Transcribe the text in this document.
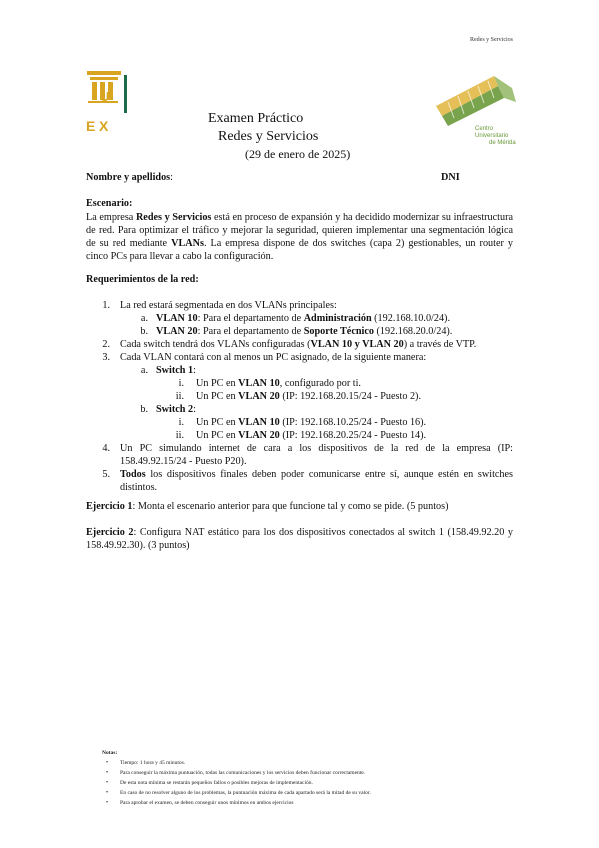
Redes y Servicios
U
E X	Centro
Universitario
de Mérida
Examen Práctico
Redes y Servicios
(29 de enero de 2025)
Nombre y apellidos:	DNI
Escenario:
La empresa Redes y Servicios está en proceso de expansión y ha decidido modernizar su infraestructura de red. Para optimizar el tráfico y mejorar la seguridad, quieren implementar una segmentación lógica de su red mediante VLANs. La empresa dispone de dos switches (capa 2) gestionables, un router y cinco PCs para llevar a cabo la configuración.
Requerimientos de la red:
1. La red estará segmentada en dos VLANs principales:
a. VLAN 10: Para el departamento de Administración (192.168.10.0/24).
b. VLAN 20: Para el departamento de Soporte Técnico (192.168.20.0/24).
2. Cada switch tendrá dos VLANs configuradas (VLAN 10 y VLAN 20) a través de VTP.
3. Cada VLAN contará con al menos un PC asignado, de la siguiente manera:
a. Switch 1:
i. Un PC en VLAN 10, configurado por ti.
ii. Un PC en VLAN 20 (IP: 192.168.20.15/24 - Puesto 2).
b. Switch 2:
i. Un PC en VLAN 10 (IP: 192.168.10.25/24 - Puesto 16).
ii. Un PC en VLAN 20 (IP: 192.168.20.25/24 - Puesto 14).
4. Un PC simulando internet de cara a los dispositivos de la red de la empresa (IP: 158.49.92.15/24 - Puesto P20).
5. Todos los dispositivos finales deben poder comunicarse entre sí, aunque estén en switches distintos.
Ejercicio 1: Monta el escenario anterior para que funcione tal y como se pide. (5 puntos)
Ejercicio 2: Configura NAT estático para los dos dispositivos conectados al switch 1 (158.49.92.20 y 158.49.92.30). (3 puntos)
Notas:
• Tiempo: 1 hora y 45 minutos.
• Para conseguir la máxima puntuación, todas las comunicaciones y los servicios deben funcionar correctamente.
• De esta nota mínima se restarán pequeños fallos o posibles mejoras de implementación.
• En caso de no resolver alguno de los problemas, la puntuación máxima de cada apartado será la mitad de su valor.
• Para aprobar el examen, se deben conseguir unos mínimos en ambos ejercicios
